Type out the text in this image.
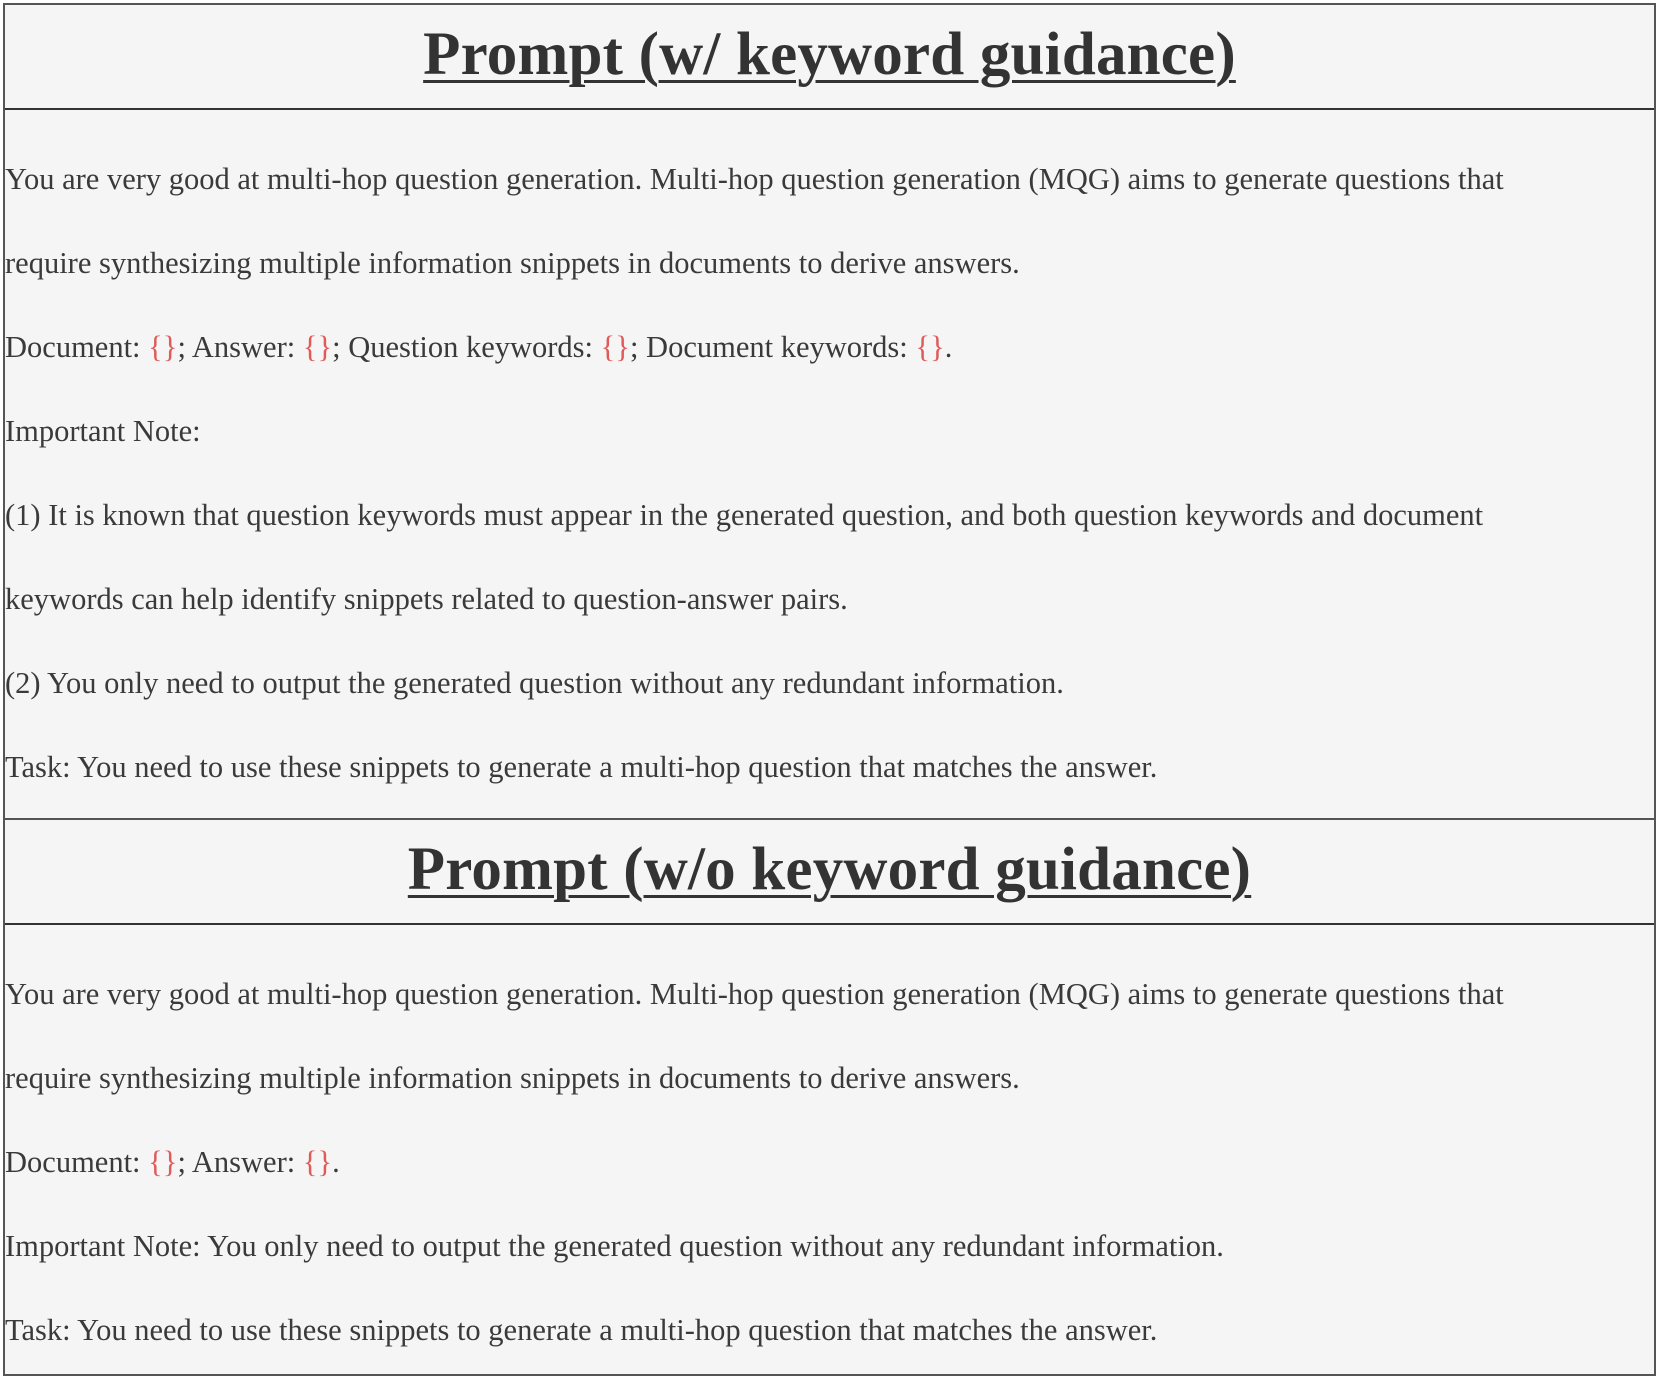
Prompt (w/ keyword guidance)
You are very good at multi-hop question generation. Multi-hop question generation (MQG) aims to generate questions that
require synthesizing multiple information snippets in documents to derive answers.
Document: {}; Answer: {}; Question keywords: {}; Document keywords: {}.
Important Note:
(1) It is known that question keywords must appear in the generated question, and both question keywords and document
keywords can help identify snippets related to question-answer pairs.
(2) You only need to output the generated question without any redundant information.
Task: You need to use these snippets to generate a multi-hop question that matches the answer.
Prompt (w/o keyword guidance)
You are very good at multi-hop question generation. Multi-hop question generation (MQG) aims to generate questions that
require synthesizing multiple information snippets in documents to derive answers.
Document: {}; Answer: {}.
Important Note: You only need to output the generated question without any redundant information.
Task: You need to use these snippets to generate a multi-hop question that matches the answer.
